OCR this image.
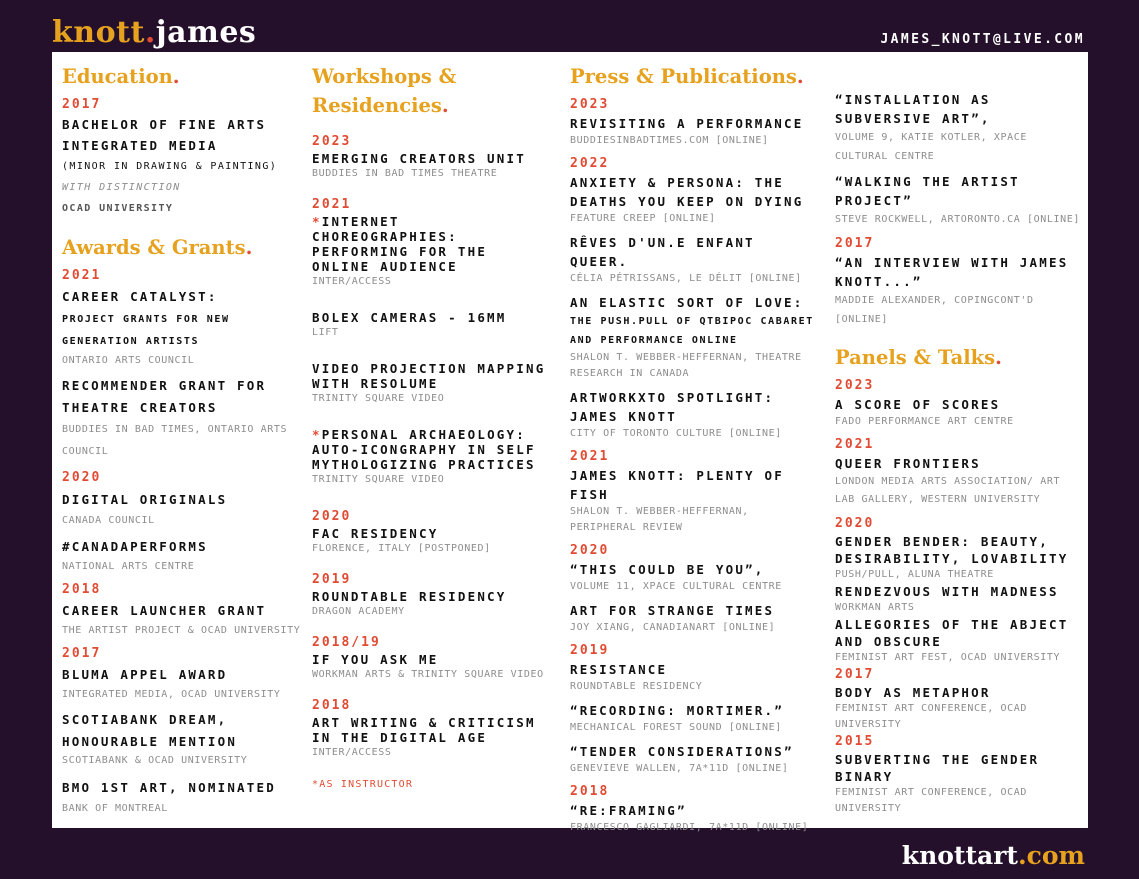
knott.james	JAMES_KNOTT@LIVE.COM
Education.
2017
BACHELOR OF FINE ARTS INTEGRATED MEDIA
(MINOR IN DRAWING & PAINTING)
WITH DISTINCTION
OCAD UNIVERSITY
Awards & Grants.
2021
CAREER CATALYST:
PROJECT GRANTS FOR NEW GENERATION ARTISTS
ONTARIO ARTS COUNCIL
RECOMMENDER GRANT FOR THEATRE CREATORS
BUDDIES IN BAD TIMES, ONTARIO ARTS COUNCIL
2020
DIGITAL ORIGINALS
CANADA COUNCIL
#CANADAPERFORMS
NATIONAL ARTS CENTRE
2018
CAREER LAUNCHER GRANT
THE ARTIST PROJECT & OCAD UNIVERSITY
2017
BLUMA APPEL AWARD
INTEGRATED MEDIA, OCAD UNIVERSITY
SCOTIABANK DREAM, HONOURABLE MENTION
SCOTIABANK & OCAD UNIVERSITY
BMO 1ST ART, NOMINATED
BANK OF MONTREAL
Workshops &
Residencies.
2023
EMERGING CREATORS UNIT
BUDDIES IN BAD TIMES THEATRE
2021
*INTERNET CHOREOGRAPHIES: PERFORMING FOR THE ONLINE AUDIENCE
INTER/ACCESS
BOLEX CAMERAS - 16MM
LIFT
VIDEO PROJECTION MAPPING WITH RESOLUME
TRINITY SQUARE VIDEO
*PERSONAL ARCHAEOLOGY: AUTO-ICONGRAPHY IN SELF MYTHOLOGIZING PRACTICES
TRINITY SQUARE VIDEO
2020
FAC RESIDENCY
FLORENCE, ITALY [POSTPONED]
2019
ROUNDTABLE RESIDENCY
DRAGON ACADEMY
2018/19
IF YOU ASK ME
WORKMAN ARTS & TRINITY SQUARE VIDEO
2018
ART WRITING & CRITICISM IN THE DIGITAL AGE
INTER/ACCESS
*AS INSTRUCTOR
Press & Publications.
2023
REVISITING A PERFORMANCE
BUDDIESINBADTIMES.COM [ONLINE]
2022
ANXIETY & PERSONA: THE DEATHS YOU KEEP ON DYING
FEATURE CREEP [ONLINE]
RÊVES D'UN.E ENFANT QUEER.
CÉLIA PÉTRISSANS, LE DÉLIT [ONLINE]
AN ELASTIC SORT OF LOVE:
THE PUSH.PULL OF QTBIPOC CABARET AND PERFORMANCE ONLINE
SHALON T. WEBBER-HEFFERNAN, THEATRE RESEARCH IN CANADA
ARTWORKXTO SPOTLIGHT: JAMES KNOTT
CITY OF TORONTO CULTURE [ONLINE]
2021
JAMES KNOTT: PLENTY OF FISH
SHALON T. WEBBER-HEFFERNAN, PERIPHERAL REVIEW
2020
“THIS COULD BE YOU”,
VOLUME 11, XPACE CULTURAL CENTRE
ART FOR STRANGE TIMES
JOY XIANG, CANADIANART [ONLINE]
2019
RESISTANCE
ROUNDTABLE RESIDENCY
“RECORDING: MORTIMER.”
MECHANICAL FOREST SOUND [ONLINE]
“TENDER CONSIDERATIONS”
GENEVIEVE WALLEN, 7A*11D [ONLINE]
2018
“RE:FRAMING”
FRANCESCO GAGLIARDI, 7A*11D [ONLINE]
“INSTALLATION AS SUBVERSIVE ART”,
VOLUME 9, KATIE KOTLER, XPACE CULTURAL CENTRE
“WALKING THE ARTIST PROJECT”
STEVE ROCKWELL, ARTORONTO.CA [ONLINE]
2017
“AN INTERVIEW WITH JAMES KNOTT...”
MADDIE ALEXANDER, COPINGCONT'D [ONLINE]
Panels & Talks.
2023
A SCORE OF SCORES
FADO PERFORMANCE ART CENTRE
2021
QUEER FRONTIERS
LONDON MEDIA ARTS ASSOCIATION/ ART LAB GALLERY, WESTERN UNIVERSITY
2020
GENDER BENDER: BEAUTY, DESIRABILITY, LOVABILITY
PUSH/PULL, ALUNA THEATRE
RENDEZVOUS WITH MADNESS
WORKMAN ARTS
ALLEGORIES OF THE ABJECT AND OBSCURE
FEMINIST ART FEST, OCAD UNIVERSITY
2017
BODY AS METAPHOR
FEMINIST ART CONFERENCE, OCAD UNIVERSITY
2015
SUBVERTING THE GENDER BINARY
FEMINIST ART CONFERENCE, OCAD UNIVERSITY
knottart.com
